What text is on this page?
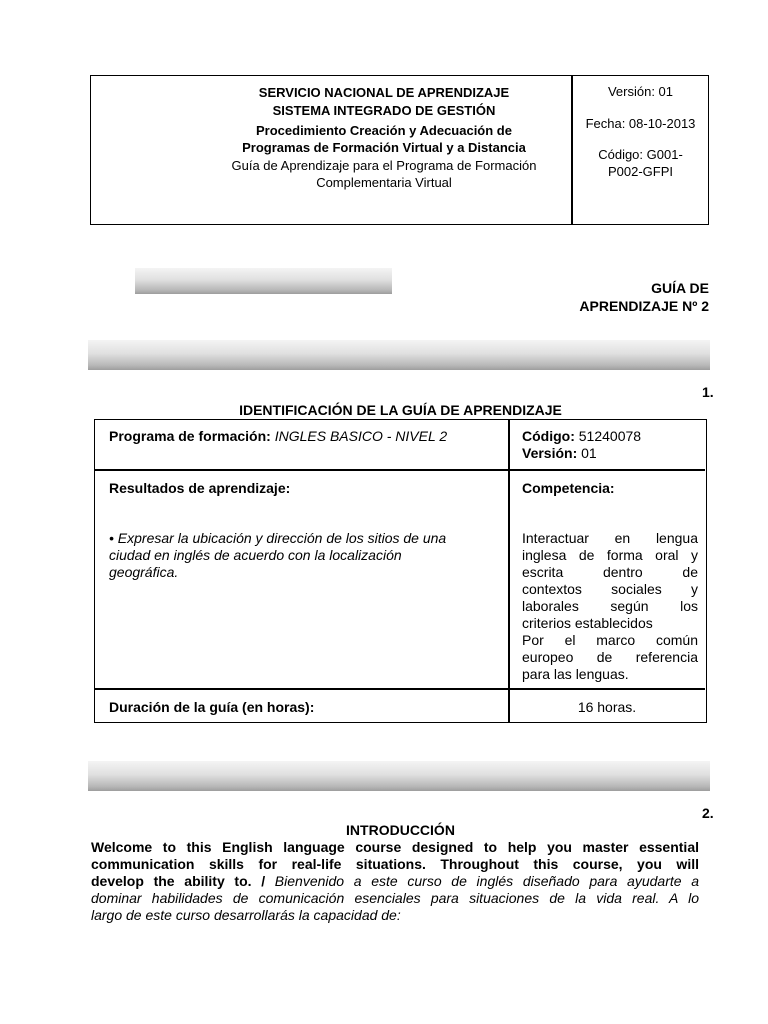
SERVICIO NACIONAL DE APRENDIZAJE
SISTEMA INTEGRADO DE GESTIÓN
Procedimiento Creación y Adecuación de
Programas de Formación Virtual y a Distancia
Guía de Aprendizaje para el Programa de Formación
Complementaria Virtual
Versión: 01
Fecha: 08-10-2013
Código: G001-
P002-GFPI
GUÍA DE
APRENDIZAJE Nº 2
1.
IDENTIFICACIÓN DE LA GUÍA DE APRENDIZAJE
Programa de formación: INGLES BASICO - NIVEL 2	Código: 51240078
Versión: 01
Resultados de aprendizaje:
• Expresar la ubicación y dirección de los sitios de una
ciudad en inglés de acuerdo con la localización
geográfica.
Competencia:
Interactuar en lengua
inglesa de forma oral y
escrita dentro de
contextos sociales y
laborales según los
criterios establecidos
Por el marco común
europeo de referencia
para las lenguas.
Duración de la guía (en horas):	16 horas.
2.
INTRODUCCIÓN
Welcome to this English language course designed to help you master essential
communication skills for real-life situations. Throughout this course, you will
develop the ability to. / Bienvenido a este curso de inglés diseñado para ayudarte a
dominar habilidades de comunicación esenciales para situaciones de la vida real. A lo
largo de este curso desarrollarás la capacidad de:
